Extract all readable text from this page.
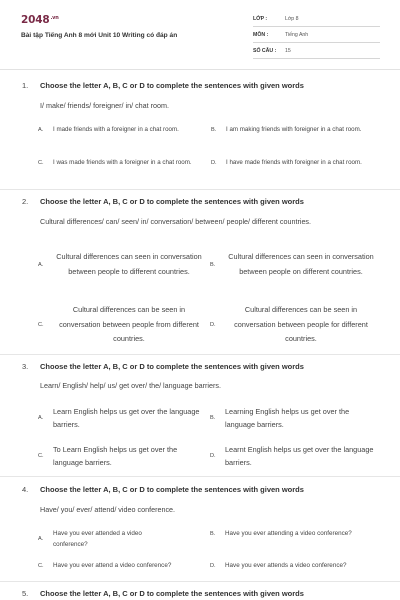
$2048^{.vn}$
Bài tập Tiếng Anh 8 mới Unit 10 Writing có đáp án
LỚP :	Lớp 8
MÔN :	Tiếng Anh
SỐ CÂU : 15
1. Choose the letter A, B, C or D to complete the sentences with given words
I/ make/ friends/ foreigner/ in/ chat room.
A.	I made friends with a foreigner in a chat room.	B.	I am making friends with foreigner in a chat room.
C.	I was made friends with a foreigner in a chat room.	D.	I have made friends with foreigner in a chat room.
2. Choose the letter A, B, C or D to complete the sentences with given words
Cultural differences/ can/ seen/ in/ conversation/ between/ people/ different countries.
A.
Cultural differences can seen in conversation between people to different countries.
B.
Cultural differences can seen in conversation between people on different countries.
C.
Cultural differences can be seen in conversation between people from different countries.
D.
Cultural differences can be seen in conversation between people for different countries.
3. Choose the letter A, B, C or D to complete the sentences with given words
Learn/ English/ help/ us/ get over/ the/ language barriers.
A.
Learn English helps us get over the language barriers.
B.
Learning English helps us get over the language barriers.
C.
To Learn English helps us get over the language barriers.
D.
Learnt English helps us get over the language barriers.
4. Choose the letter A, B, C or D to complete the sentences with given words
Have/ you/ ever/ attend/ video conference.
A.
Have you ever attended a video conference?
B.	Have you ever attending a video conference?
C.	Have you ever attend a video conference?	D.	Have you ever attends a video conference?
5. Choose the letter A, B, C or D to complete the sentences with given words
